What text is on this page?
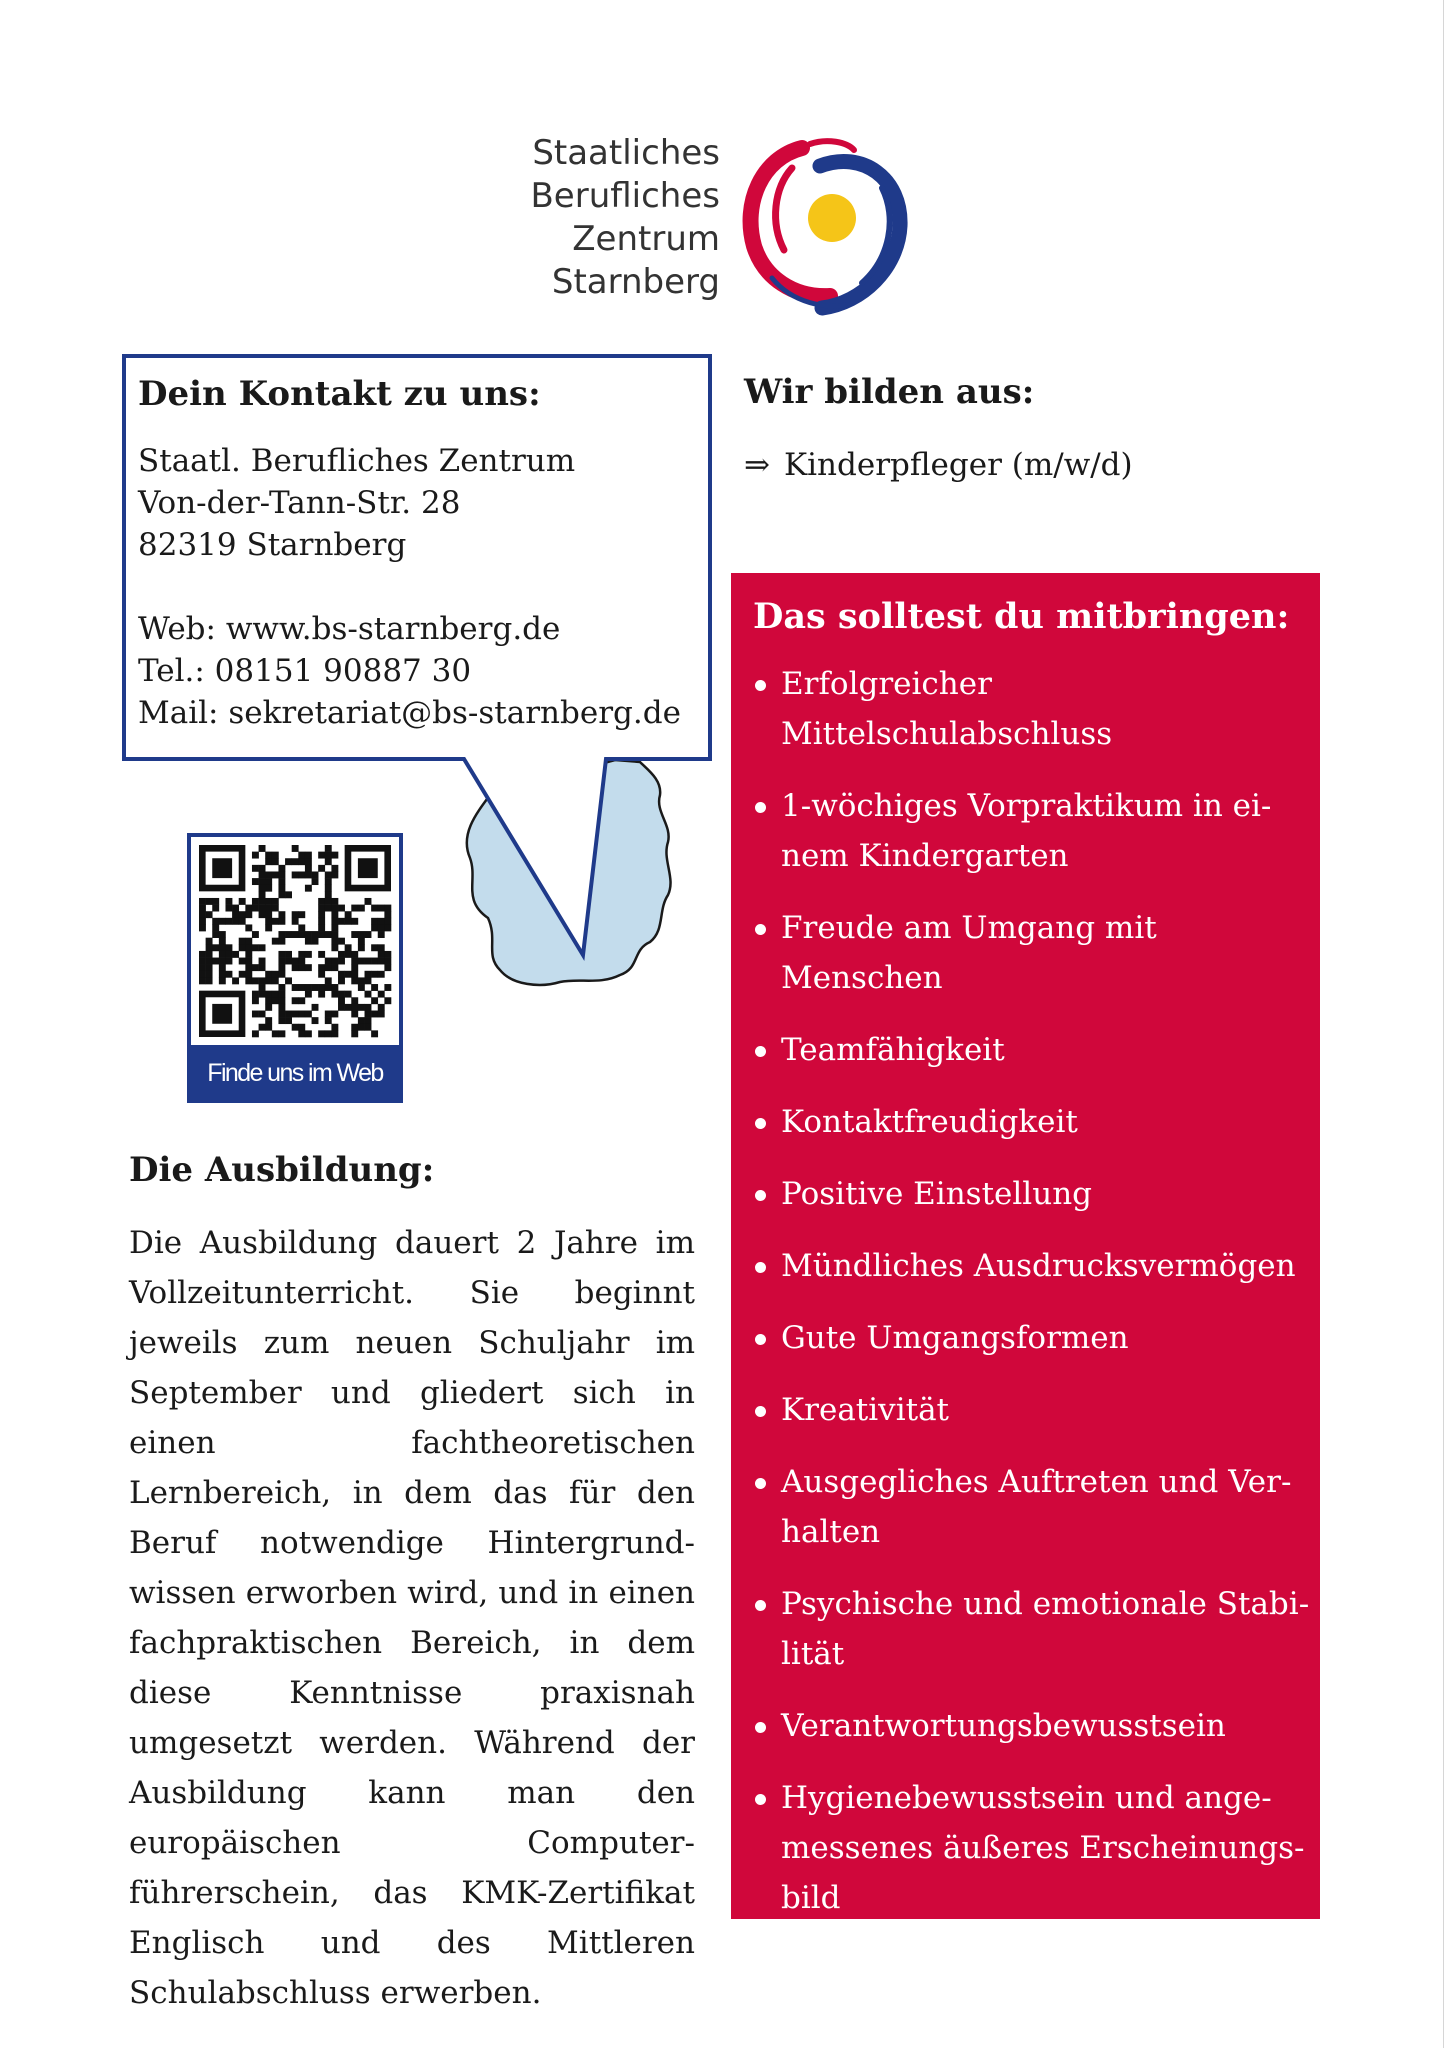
Staatliches
Berufliches
Zentrum
Starnberg
Dein Kontakt zu uns:
Staatl. Berufliches Zentrum
Von-der-Tann-Str. 28
82319 Starnberg
Web: www.bs-starnberg.de
Tel.: 08151 90887 30
Mail: sekretariat@bs-starnberg.de
Finde uns im Web
Die Ausbildung:

Die Ausbildung dauert 2 Jahre im Vollzeitunterricht. Sie beginnt jeweils zum neuen Schuljahr im September und gliedert sich in einen fachtheoretischen Lernbereich, in dem das für den Beruf notwendige Hintergrundwissen erworben wird, und in einen fachpraktischen Bereich, in dem diese Kenntnisse praxisnah umgesetzt werden. Während der Ausbildung kann man den europäischen Computerführerschein, das KMK-Zertifikat Englisch und des Mittleren Schulabschluss erwerben.

Wir bilden aus:
⇒ Kinderpfleger (m/w/d)
Das solltest du mitbringen:
Erfolgreicher Mittelschulabschluss
1-wöchiges Vorpraktikum in einem Kindergarten
Freude am Umgang mit Menschen
Teamfähigkeit
Kontaktfreudigkeit
Positive Einstellung
Mündliches Ausdrucksvermögen
Gute Umgangsformen
Kreativität
Ausgegliches Auftreten und Verhalten
Psychische und emotionale Stabilität
Verantwortungsbewusstsein
Hygienebewusstsein und angemessenes äußeres Erscheinungsbild
Flexibilität
